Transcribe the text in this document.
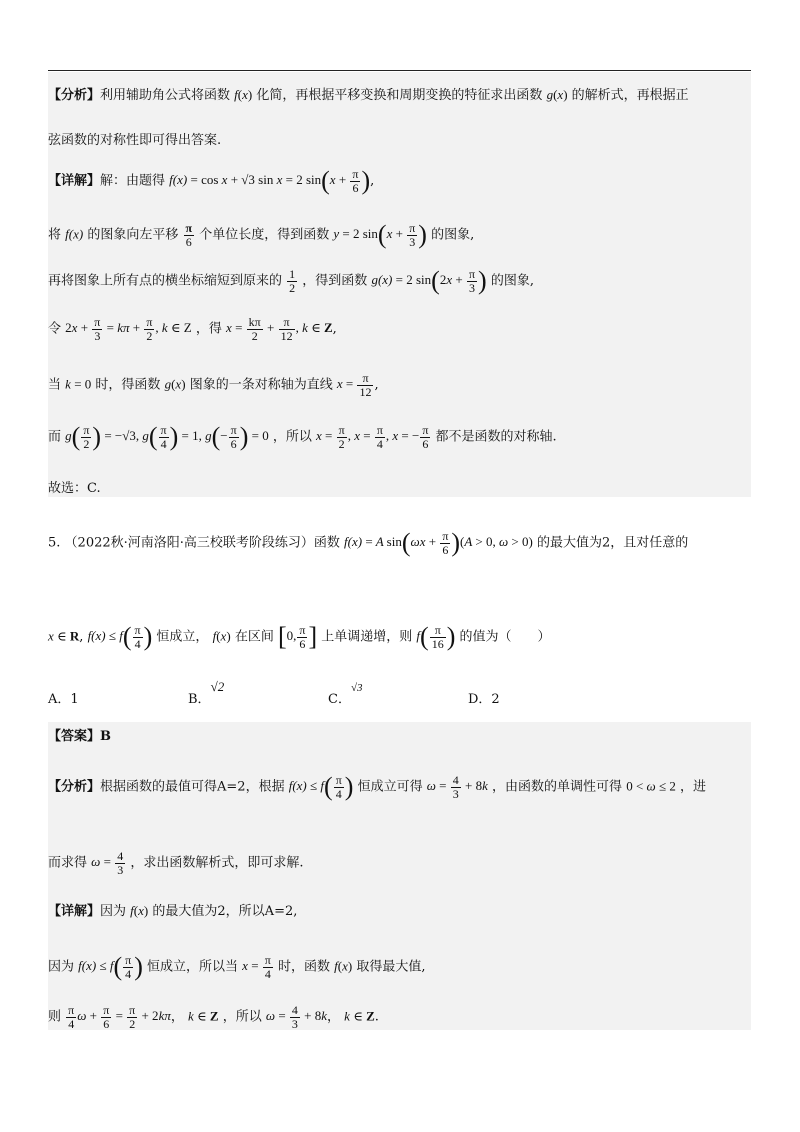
【分析】利用辅助角公式将函数 f(x) 化简，再根据平移变换和周期变换的特征求出函数 g(x) 的解析式，再根据正
弦函数的对称性即可得出答案.
【详解】解：由题得 f(x) = cos x + √3 sin x = 2 $\sin(x + \frac{\pi}{6}$ ),
将 f(x) 的图象向左平移 $\frac{\pi}{6}$ 个单位长度，得到函数 y = 2 $\sin(x + \frac{\pi}{3}$ ) 的图象,
再将图象上所有点的横坐标缩短到原来的 $\frac{1}{2}$ ，得到函数 g(x) = 2 $\sin(2x + \frac{\pi}{3}$ ) 的图象,
令 $2x + \frac{\pi}{3} = k\pi + \frac{\pi}{2}$ , k ∈ Z ，得 $x = \frac{k\pi}{2} + \frac{\pi}{12}$ , k ∈ Z,
当 k = 0 时，得函数 g(x) 图象的一条对称轴为直线 $x = \frac{\pi}{12}$ ,
而 $g( \frac{\pi}{2}$ ) = −√3, $g( \frac{\pi}{4}$ ) = 1, $g(- \frac{\pi}{6}$ ) = 0 ，所以 $x = \frac{\pi}{2}$ , $x = \frac{\pi}{4}$ , x = − $\frac{\pi}{6}$ 都不是函数的对称轴.
故选：C.
5. （2022秋·河南洛阳·高三校联考阶段练习）函数 f(x) = A $\sin(\omega x + \frac{\pi}{6} )(A > 0$, ω > 0) 的最大值为2，且对任意的
x ∈ R, $f(x) \le f( \frac{\pi}{4}$ ) 恒成立， f(x) 在区间 [0, $\frac{\pi}{6}$ ] 上单调递增，则 $f( \frac{\pi}{16}$ ) 的值为（　　）
A．1	B．√2
C．$^{√3}$
D．2
【答案】B
【分析】根据函数的最值可得A=2，根据 $f(x) \le f( \frac{\pi}{4}$ ) 恒成立可得 $\omega = \frac{4}{3} + 8k$ ，由函数的单调性可得 0 < ω ≤ 2 ，进
而求得 $\omega = \frac{4}{3}$ ，求出函数解析式，即可求解.
【详解】因为 f(x) 的最大值为2，所以A=2,
因为 $f(x) \le f( \frac{\pi}{4}$ ) 恒成立，所以当 $x = \frac{\pi}{4}$ 时，函数 f(x) 取得最大值,
则 $\frac{\pi}{4}$ $\omega + \frac{\pi}{6} = \frac{\pi}{2} + 2k\pi$， k ∈ Z ，所以 $\omega = \frac{4}{3} + 8k$， k ∈ Z.
